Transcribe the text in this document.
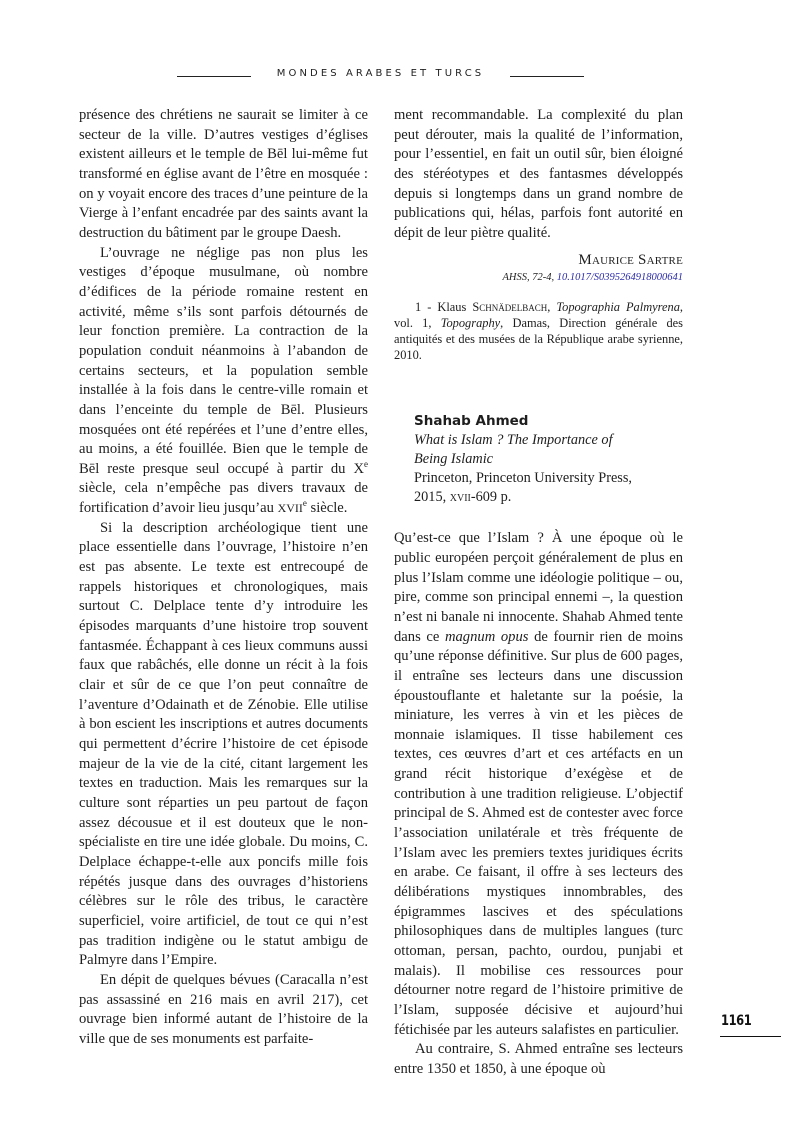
MONDES ARABES ET TURCS

présence des chrétiens ne saurait se limiter à ce secteur de la ville. D’autres vestiges d’églises existent ailleurs et le temple de Bēl lui-même fut transformé en église avant de l’être en mosquée : on y voyait encore des traces d’une peinture de la Vierge à l’enfant encadrée par des saints avant la destruction du bâtiment par le groupe Daesh.

L’ouvrage ne néglige pas non plus les vestiges d’époque musulmane, où nombre d’édifices de la période romaine restent en activité, même s’ils sont parfois détournés de leur fonction première. La contraction de la population conduit néanmoins à l’abandon de certains secteurs, et la population semble installée à la fois dans le centre-ville romain et dans l’enceinte du temple de Bēl. Plusieurs mosquées ont été repérées et l’une d’entre elles, au moins, a été fouillée. Bien que le temple de Bēl reste presque seul occupé à partir du Xe siècle, cela n’empêche pas divers travaux de fortification d’avoir lieu jusqu’au XVIIe siècle.

Si la description archéologique tient une place essentielle dans l’ouvrage, l’histoire n’en est pas absente. Le texte est entrecoupé de rappels historiques et chronologiques, mais surtout C. Delplace tente d’y introduire les épisodes marquants d’une histoire trop souvent fantasmée. Échappant à ces lieux communs aussi faux que rabâchés, elle donne un récit à la fois clair et sûr de ce que l’on peut connaître de l’aventure d’Odainath et de Zénobie. Elle utilise à bon escient les inscriptions et autres documents qui permettent d’écrire l’histoire de cet épisode majeur de la vie de la cité, citant largement les textes en traduction. Mais les remarques sur la culture sont réparties un peu partout de façon assez décousue et il est douteux que le non-spécialiste en tire une idée globale. Du moins, C. Delplace échappe-t-elle aux poncifs mille fois répétés jusque dans des ouvrages d’historiens célèbres sur le rôle des tribus, le caractère superficiel, voire artificiel, de tout ce qui n’est pas tradition indigène ou le statut ambigu de Palmyre dans l’Empire.

En dépit de quelques bévues (Caracalla n’est pas assassiné en 216 mais en avril 217), cet ouvrage bien informé autant de l’histoire de la ville que de ses monuments est parfaite-

ment recommandable. La complexité du plan peut dérouter, mais la qualité de l’information, pour l’essentiel, en fait un outil sûr, bien éloigné des stéréotypes et des fantasmes développés depuis si longtemps dans un grand nombre de publications qui, hélas, parfois font autorité en dépit de leur piètre qualité.

Maurice Sartre
AHSS, 72-4, 10.1017/S0395264918000641

1 - Klaus Schnädelbach, Topographia Palmyrena, vol. 1, Topography, Damas, Direction générale des antiquités et des musées de la République arabe syrienne, 2010.

Shahab Ahmed
What is Islam ? The Importance of
Being Islamic
Princeton, Princeton University Press,
2015, xvii-609 p.

Qu’est-ce que l’Islam ? À une époque où le public européen perçoit généralement de plus en plus l’Islam comme une idéologie politique – ou, pire, comme son principal ennemi –, la question n’est ni banale ni innocente. Shahab Ahmed tente dans ce magnum opus de fournir rien de moins qu’une réponse définitive. Sur plus de 600 pages, il entraîne ses lecteurs dans une discussion époustouflante et haletante sur la poésie, la miniature, les verres à vin et les pièces de monnaie islamiques. Il tisse habilement ces textes, ces œuvres d’art et ces artéfacts en un grand récit historique d’exégèse et de contribution à une tradition religieuse. L’objectif principal de S. Ahmed est de contester avec force l’association unilatérale et très fréquente de l’Islam avec les premiers textes juridiques écrits en arabe. Ce faisant, il offre à ses lecteurs des délibérations mystiques innombrables, des épigrammes lascives et des spéculations philosophiques dans de multiples langues (turc ottoman, persan, pachto, ourdou, punjabi et malais). Il mobilise ces ressources pour détourner notre regard de l’histoire primitive de l’Islam, supposée décisive et aujourd’hui fétichisée par les auteurs salafistes en particulier.

Au contraire, S. Ahmed entraîne ses lecteurs entre 1350 et 1850, à une époque où

1161
